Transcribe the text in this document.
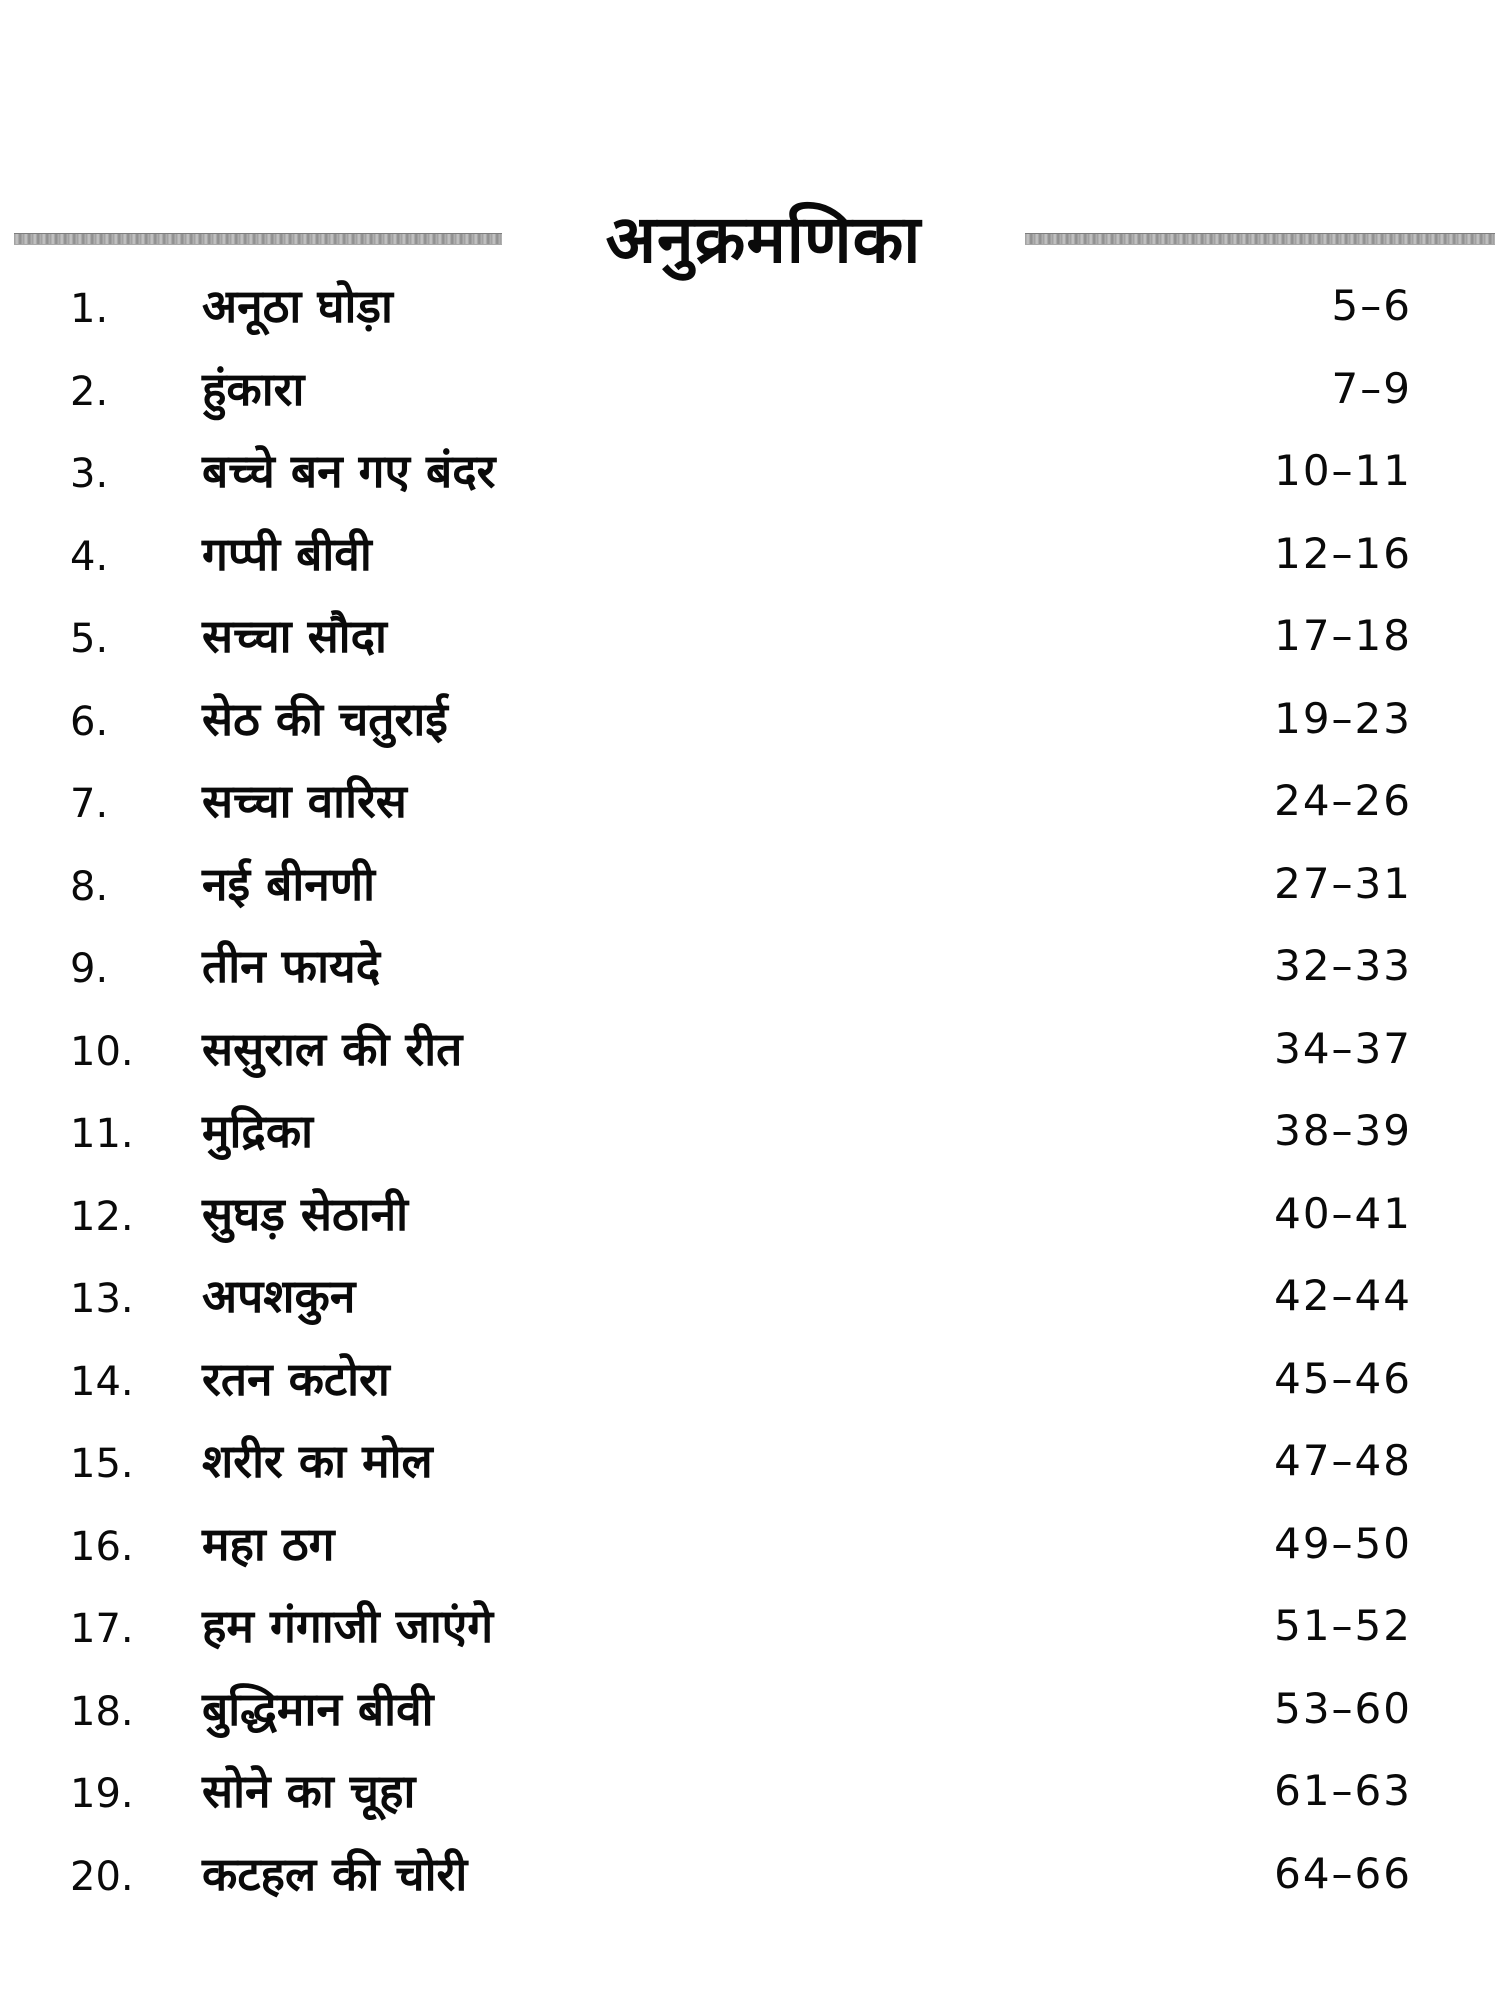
अनुक्रमणिका
1. अनूठा घोड़ा	5–6
2. हुंकारा	7–9
3. बच्चे बन गए बंदर	10–11
4. गप्पी बीवी	12–16
5. सच्चा सौदा	17–18
6. सेठ की चतुराई	19–23
7. सच्चा वारिस	24–26
8. नई बीनणी	27–31
9. तीन फायदे	32–33
10. ससुराल की रीत	34–37
11. मुद्रिका	38–39
12. सुघड़ सेठानी	40–41
13. अपशकुन	42–44
14. रतन कटोरा	45–46
15. शरीर का मोल	47–48
16. महा ठग	49–50
17. हम गंगाजी जाएंगे	51–52
18. बुद्धिमान बीवी	53–60
19. सोने का चूहा	61–63
20. कटहल की चोरी	64–66
